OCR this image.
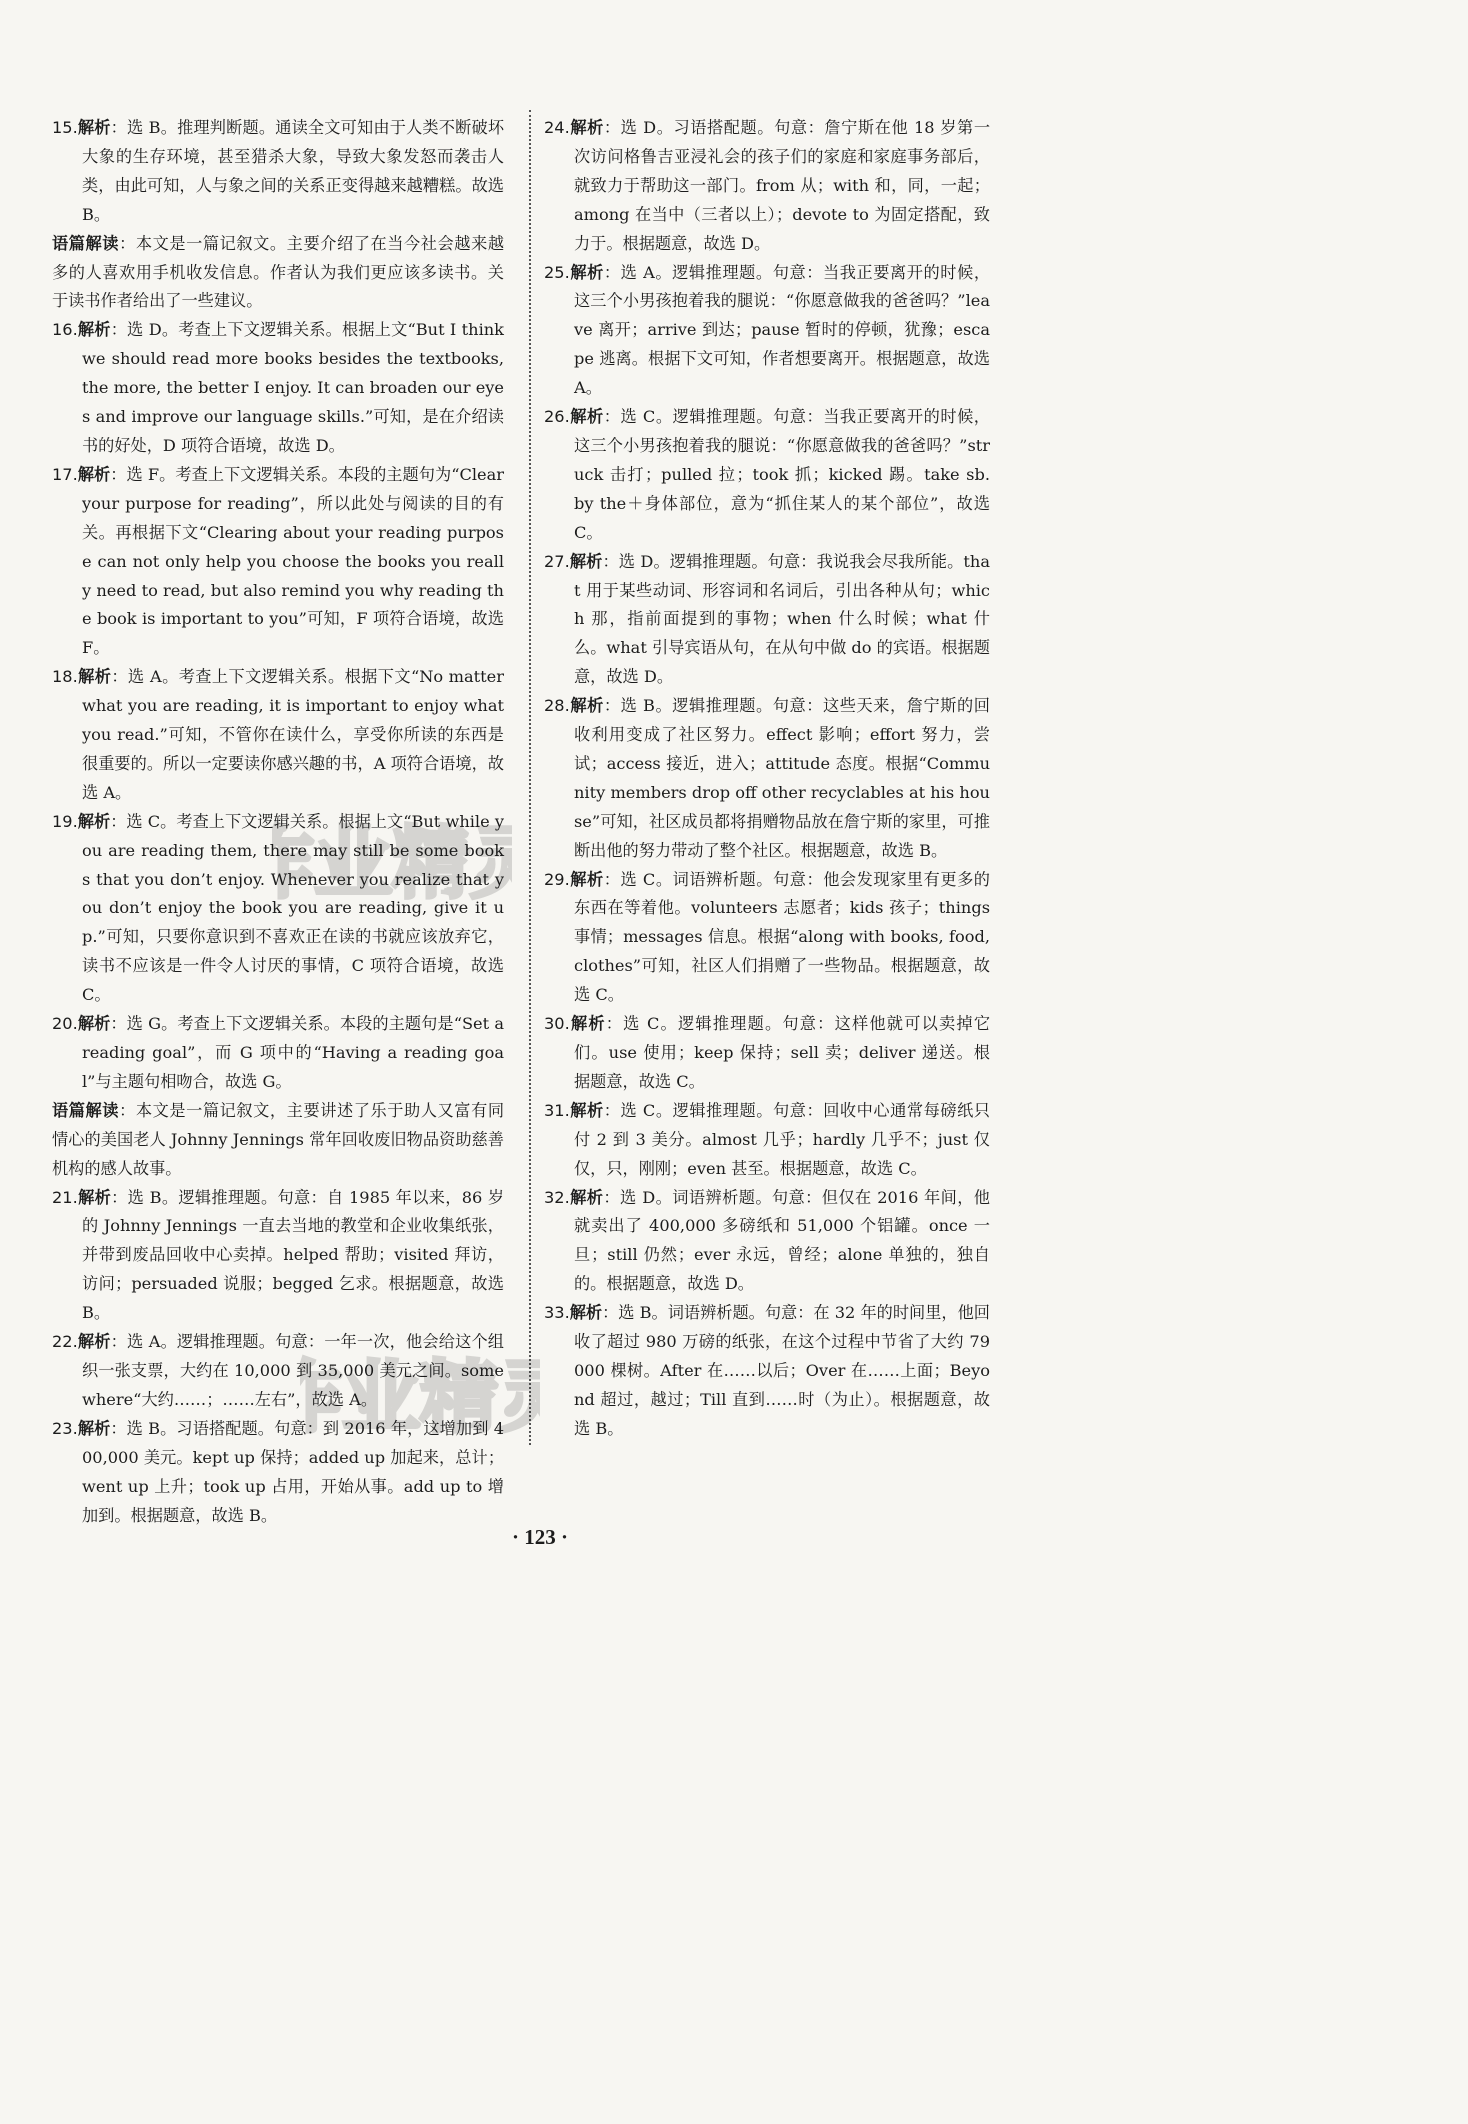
15.解析：选 B。推理判断题。通读全文可知由于人类不断破坏大象的生存环境，甚至猎杀大象，导致大象发怒而袭击人类，由此可知，人与象之间的关系正变得越来越糟糕。故选 B。
语篇解读：本文是一篇记叙文。主要介绍了在当今社会越来越多的人喜欢用手机收发信息。作者认为我们更应该多读书。关于读书作者给出了一些建议。
16.解析：选 D。考查上下文逻辑关系。根据上文“But I think we should read more books besides the textbooks, the more, the better I enjoy. It can broaden our eyes and improve our language skills.”可知，是在介绍读书的好处，D 项符合语境，故选 D。
17.解析：选 F。考查上下文逻辑关系。本段的主题句为“Clear your purpose for reading”，所以此处与阅读的目的有关。再根据下文“Clearing about your reading purpose can not only help you choose the books you really need to read, but also remind you why reading the book is important to you”可知，F 项符合语境，故选 F。
18.解析：选 A。考查上下文逻辑关系。根据下文“No matter what you are reading, it is important to enjoy what you read.”可知，不管你在读什么，享受你所读的东西是很重要的。所以一定要读你感兴趣的书，A 项符合语境，故选 A。
19.解析：选 C。考查上下文逻辑关系。根据上文“But while you are reading them, there may still be some books that you don’t enjoy. Whenever you realize that you don’t enjoy the book you are reading, give it up.”可知，只要你意识到不喜欢正在读的书就应该放弃它，读书不应该是一件令人讨厌的事情，C 项符合语境，故选 C。
20.解析：选 G。考查上下文逻辑关系。本段的主题句是“Set a reading goal”，而 G 项中的“Having a reading goal”与主题句相吻合，故选 G。
语篇解读：本文是一篇记叙文，主要讲述了乐于助人又富有同情心的美国老人 Johnny Jennings 常年回收废旧物品资助慈善机构的感人故事。
21.解析：选 B。逻辑推理题。句意：自 1985 年以来，86 岁的 Johnny Jennings 一直去当地的教堂和企业收集纸张，并带到废品回收中心卖掉。helped 帮助；visited 拜访，访问；persuaded 说服；begged 乞求。根据题意，故选 B。
22.解析：选 A。逻辑推理题。句意：一年一次，他会给这个组织一张支票，大约在 10,000 到 35,000 美元之间。somewhere“大约……；……左右”，故选 A。
23.解析：选 B。习语搭配题。句意：到 2016 年，这增加到 400,000 美元。kept up 保持；added up 加起来，总计；went up 上升；took up 占用，开始从事。add up to 增加到。根据题意，故选 B。
24.解析：选 D。习语搭配题。句意：詹宁斯在他 18 岁第一次访问格鲁吉亚浸礼会的孩子们的家庭和家庭事务部后，就致力于帮助这一部门。from 从；with 和，同，一起；among 在当中（三者以上）；devote to 为固定搭配，致力于。根据题意，故选 D。
25.解析：选 A。逻辑推理题。句意：当我正要离开的时候，这三个小男孩抱着我的腿说：“你愿意做我的爸爸吗？”leave 离开；arrive 到达；pause 暂时的停顿，犹豫；escape 逃离。根据下文可知，作者想要离开。根据题意，故选 A。
26.解析：选 C。逻辑推理题。句意：当我正要离开的时候，这三个小男孩抱着我的腿说：“你愿意做我的爸爸吗？”struck 击打；pulled 拉；took 抓；kicked 踢。take sb. by the＋身体部位，意为“抓住某人的某个部位”，故选 C。
27.解析：选 D。逻辑推理题。句意：我说我会尽我所能。that 用于某些动词、形容词和名词后，引出各种从句；which 那，指前面提到的事物；when 什么时候；what 什么。what 引导宾语从句，在从句中做 do 的宾语。根据题意，故选 D。
28.解析：选 B。逻辑推理题。句意：这些天来，詹宁斯的回收利用变成了社区努力。effect 影响；effort 努力，尝试；access 接近，进入；attitude 态度。根据“Community members drop off other recyclables at his house”可知，社区成员都将捐赠物品放在詹宁斯的家里，可推断出他的努力带动了整个社区。根据题意，故选 B。
29.解析：选 C。词语辨析题。句意：他会发现家里有更多的东西在等着他。volunteers 志愿者；kids 孩子；things 事情；messages 信息。根据“along with books, food, clothes”可知，社区人们捐赠了一些物品。根据题意，故选 C。
30.解析：选 C。逻辑推理题。句意：这样他就可以卖掉它们。use 使用；keep 保持；sell 卖；deliver 递送。根据题意，故选 C。
31.解析：选 C。逻辑推理题。句意：回收中心通常每磅纸只付 2 到 3 美分。almost 几乎；hardly 几乎不；just 仅仅，只，刚刚；even 甚至。根据题意，故选 C。
32.解析：选 D。词语辨析题。句意：但仅在 2016 年间，他就卖出了 400,000 多磅纸和 51,000 个铝罐。once 一旦；still 仍然；ever 永远，曾经；alone 单独的，独自的。根据题意，故选 D。
33.解析：选 B。词语辨析题。句意：在 32 年的时间里，他回收了超过 980 万磅的纸张，在这个过程中节省了大约 79000 棵树。After 在……以后；Over 在……上面；Beyond 超过，越过；Till 直到……时（为止）。根据题意，故选 B。
作业精灵
作业精灵
· 123 ·
